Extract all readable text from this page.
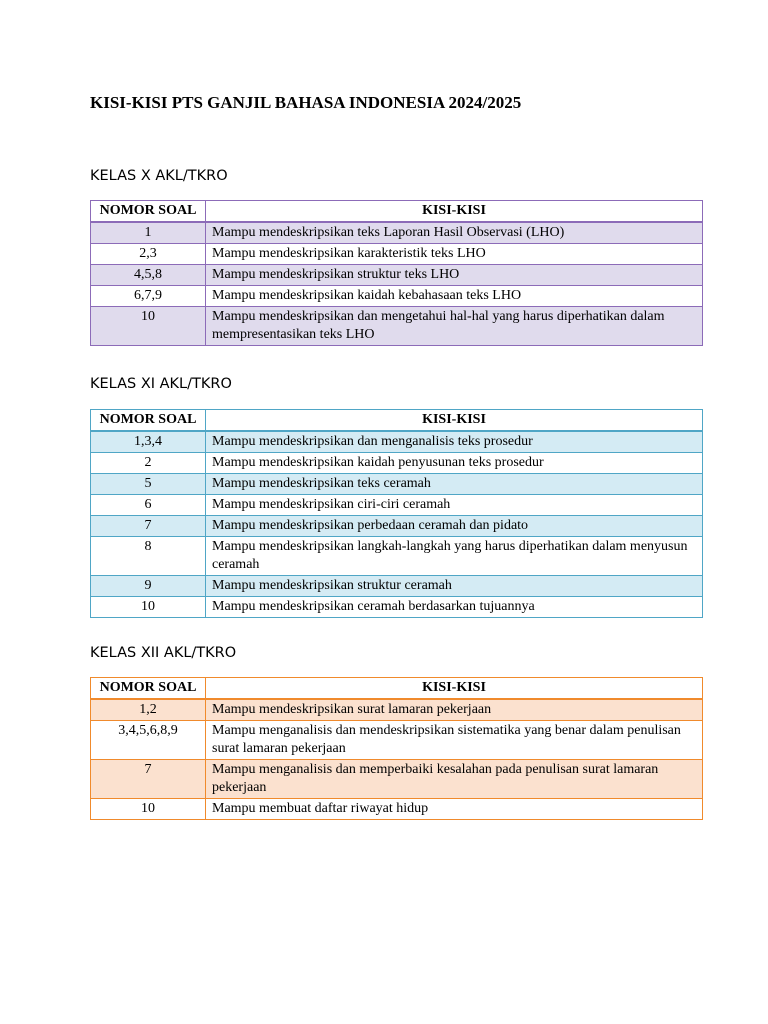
KISI-KISI PTS GANJIL BAHASA INDONESIA 2024/2025
KELAS X AKL/TKRO
NOMOR SOAL	KISI-KISI
1	Mampu mendeskripsikan teks Laporan Hasil Observasi (LHO)
2,3	Mampu mendeskripsikan karakteristik teks LHO
4,5,8	Mampu mendeskripsikan struktur teks LHO
6,7,9	Mampu mendeskripsikan kaidah kebahasaan teks LHO
10	Mampu mendeskripsikan dan mengetahui hal-hal yang harus diperhatikan dalam mempresentasikan teks LHO
KELAS XI AKL/TKRO
NOMOR SOAL	KISI-KISI
1,3,4	Mampu mendeskripsikan dan menganalisis teks prosedur
2	Mampu mendeskripsikan kaidah penyusunan teks prosedur
5	Mampu mendeskripsikan teks ceramah
6	Mampu mendeskripsikan ciri-ciri ceramah
7	Mampu mendeskripsikan perbedaan ceramah dan pidato
8	Mampu mendeskripsikan langkah-langkah yang harus diperhatikan dalam menyusun ceramah
9	Mampu mendeskripsikan struktur ceramah
10	Mampu mendeskripsikan ceramah berdasarkan tujuannya
KELAS XII AKL/TKRO
NOMOR SOAL	KISI-KISI
1,2	Mampu mendeskripsikan surat lamaran pekerjaan
3,4,5,6,8,9	Mampu menganalisis dan mendeskripsikan sistematika yang benar dalam penulisan surat lamaran pekerjaan
7	Mampu menganalisis dan memperbaiki kesalahan pada penulisan surat lamaran pekerjaan
10	Mampu membuat daftar riwayat hidup
